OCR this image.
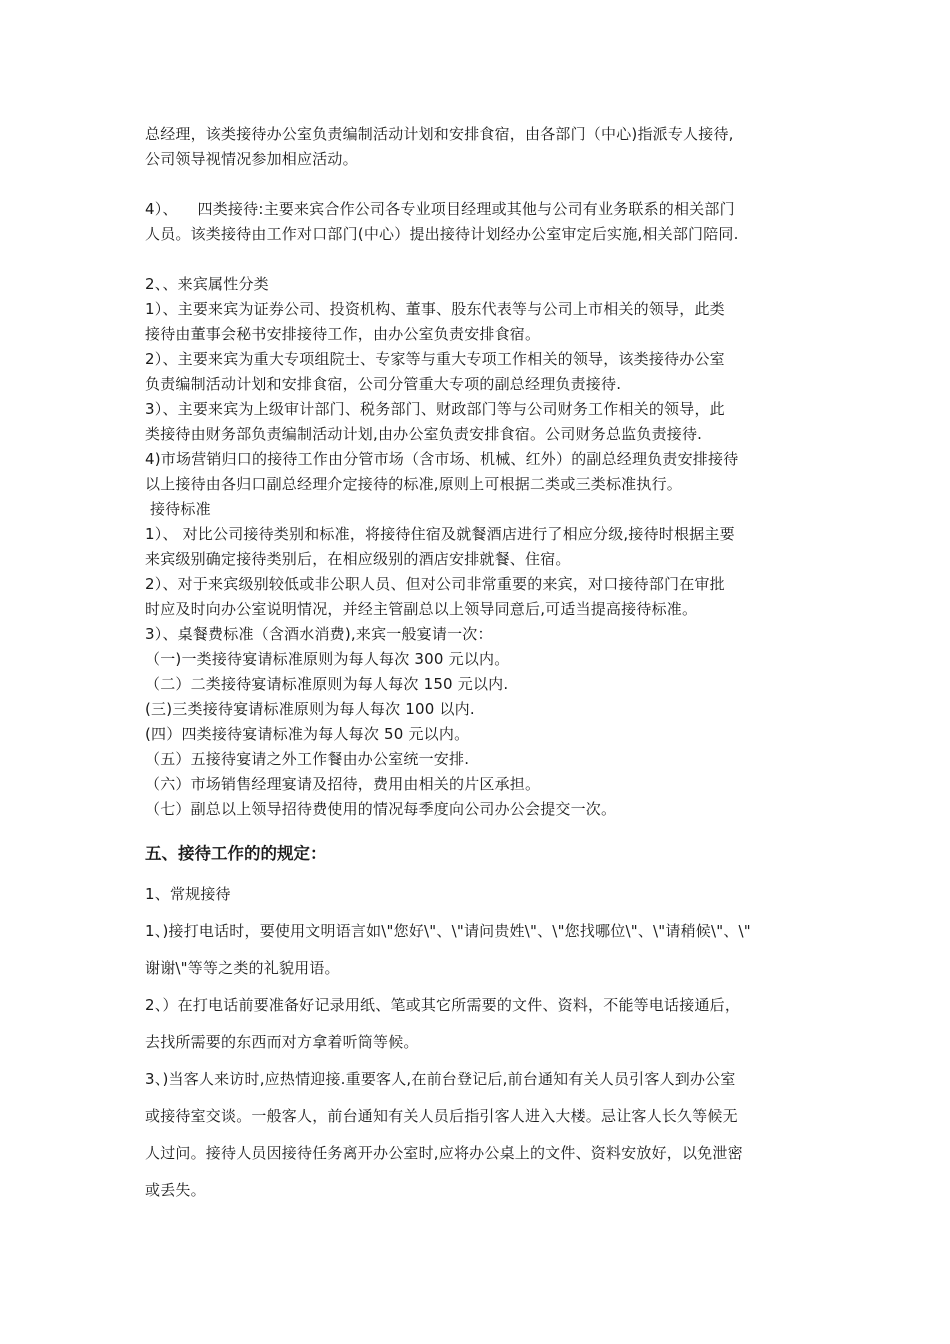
总经理，该类接待办公室负责编制活动计划和安排食宿，由各部门（中心)指派专人接待,
公司领导视情况参加相应活动。
4）、    四类接待:主要来宾合作公司各专业项目经理或其他与公司有业务联系的相关部门
人员。该类接待由工作对口部门(中心）提出接待计划经办公室审定后实施,相关部门陪同.
2、、来宾属性分类
1）、主要来宾为证券公司、投资机构、董事、股东代表等与公司上市相关的领导，此类
接待由董事会秘书安排接待工作，由办公室负责安排食宿。
2）、主要来宾为重大专项组院士、专家等与重大专项工作相关的领导，该类接待办公室
负责编制活动计划和安排食宿，公司分管重大专项的副总经理负责接待.
3）、主要来宾为上级审计部门、税务部门、财政部门等与公司财务工作相关的领导，此
类接待由财务部负责编制活动计划,由办公室负责安排食宿。公司财务总监负责接待.
4)市场营销归口的接待工作由分管市场（含市场、机械、红外）的副总经理负责安排接待
以上接待由各归口副总经理介定接待的标准,原则上可根据二类或三类标准执行。
接待标准
1）、 对比公司接待类别和标准，将接待住宿及就餐酒店进行了相应分级,接待时根据主要
来宾级别确定接待类别后，在相应级别的酒店安排就餐、住宿。
2）、对于来宾级别较低或非公职人员、但对公司非常重要的来宾，对口接待部门在审批
时应及时向办公室说明情况，并经主管副总以上领导同意后,可适当提高接待标准。
3）、桌餐费标准（含酒水消费),来宾一般宴请一次：
（一)一类接待宴请标准原则为每人每次 300 元以内。
（二）二类接待宴请标准原则为每人每次 150 元以内.
(三)三类接待宴请标准原则为每人每次 100 以内.
(四）四类接待宴请标准为每人每次 50 元以内。
（五）五接待宴请之外工作餐由办公室统一安排.
（六）市场销售经理宴请及招待，费用由相关的片区承担。
（七）副总以上领导招待费使用的情况每季度向公司办公会提交一次。
五、接待工作的的规定：
1、常规接待
1、)接打电话时，要使用文明语言如\"您好\"、\"请问贵姓\"、\"您找哪位\"、\"请稍候\"、\"
谢谢\"等等之类的礼貌用语。
2、）在打电话前要准备好记录用纸、笔或其它所需要的文件、资料，不能等电话接通后，
去找所需要的东西而对方拿着听筒等候。
3、)当客人来访时,应热情迎接.重要客人,在前台登记后,前台通知有关人员引客人到办公室
或接待室交谈。一般客人，前台通知有关人员后指引客人进入大楼。忌让客人长久等候无
人过问。接待人员因接待任务离开办公室时,应将办公桌上的文件、资料安放好，以免泄密
或丢失。
